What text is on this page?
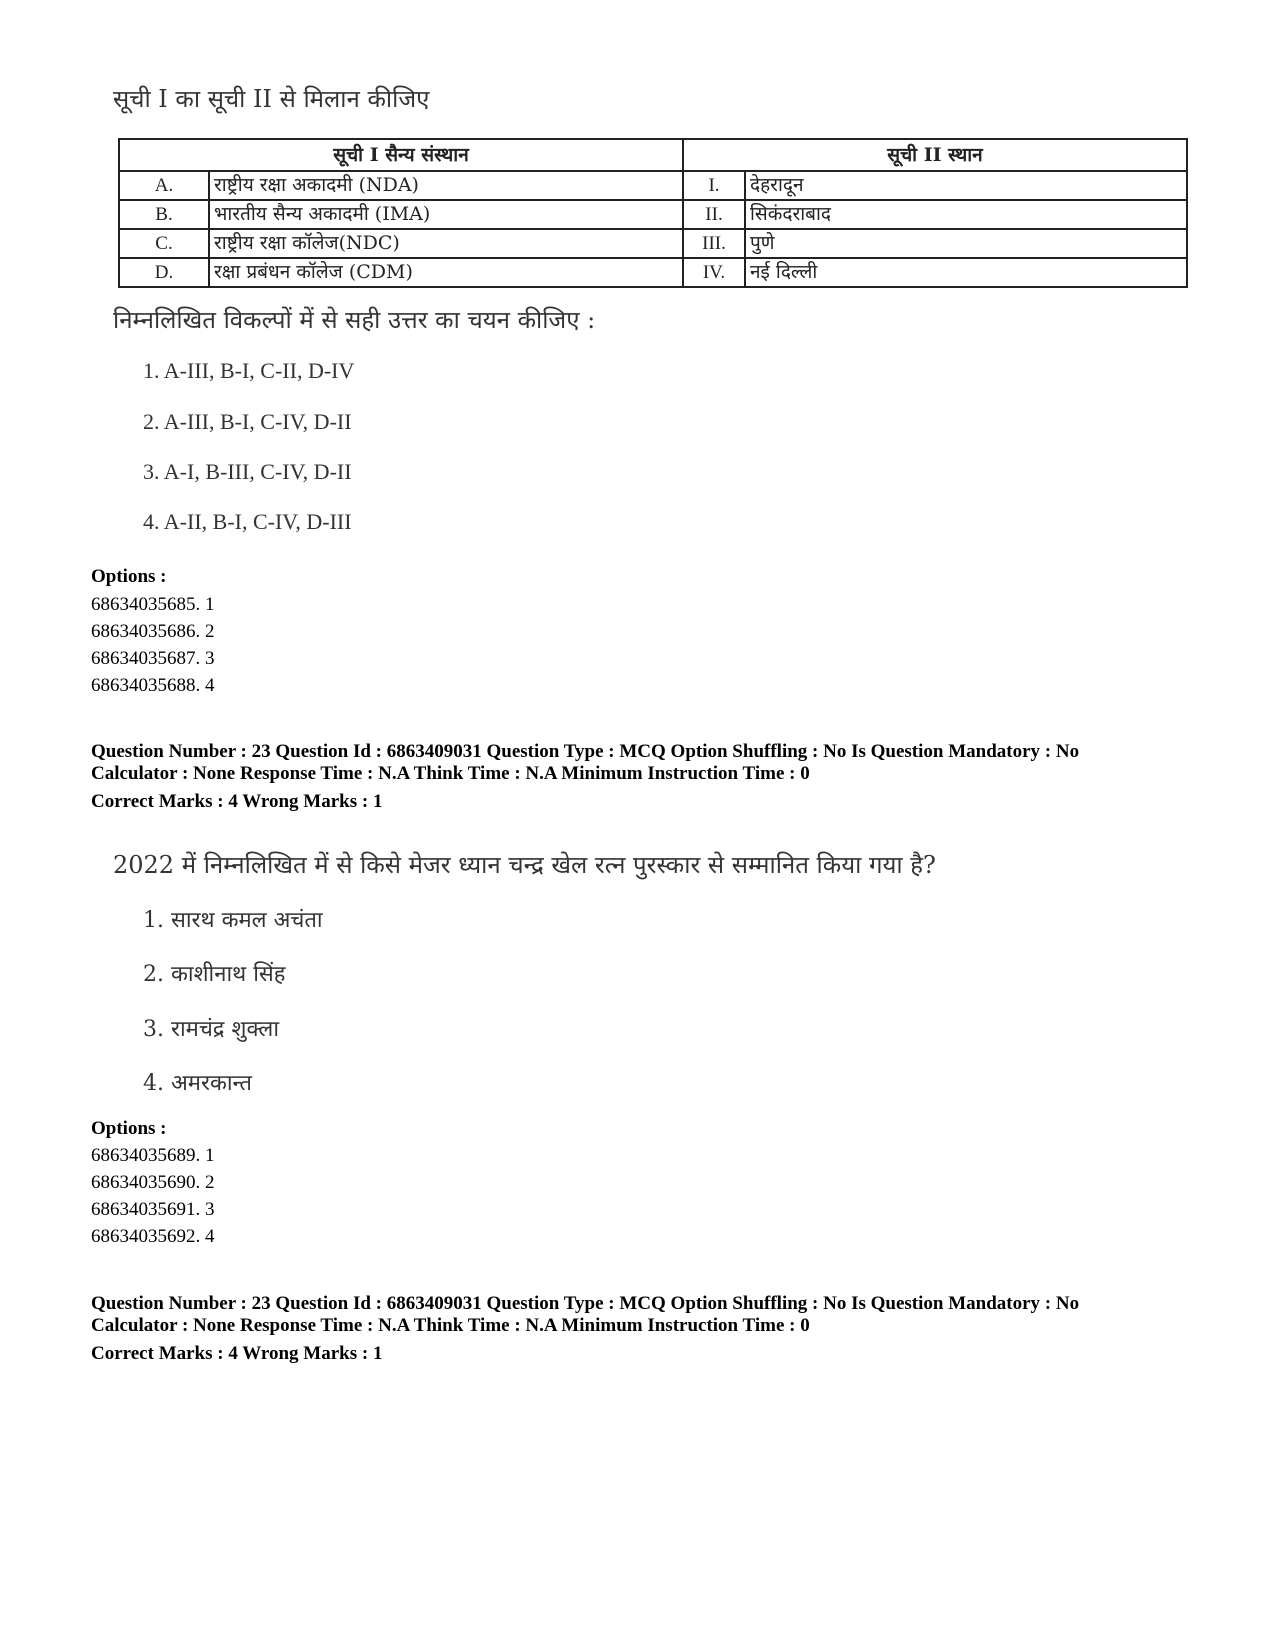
सूची I का सूची II से मिलान कीजिए
सूची I सैन्य संस्थान	सूची II स्थान

A. राष्ट्रीय रक्षा अकादमी (NDA)	I. देहरादून

B. भारतीय सैन्य अकादमी (IMA)	II. सिकंदराबाद

C. राष्ट्रीय रक्षा कॉलेज(NDC)	III. पुणे

D. रक्षा प्रबंधन कॉलेज (CDM)	IV. नई दिल्ली
निम्नलिखित विकल्पों में से सही उत्तर का चयन कीजिए :
1. A-III, B-I, C-II, D-IV
2. A-III, B-I, C-IV, D-II
3. A-I, B-III, C-IV, D-II
4. A-II, B-I, C-IV, D-III
Options :
68634035685. 1
68634035686. 2
68634035687. 3
68634035688. 4
Question Number : 23 Question Id : 6863409031 Question Type : MCQ Option Shuffling : No Is Question Mandatory : No
Calculator : None Response Time : N.A Think Time : N.A Minimum Instruction Time : 0
Correct Marks : 4 Wrong Marks : 1
2022 में निम्नलिखित में से किसे मेजर ध्यान चन्द्र खेल रत्न पुरस्कार से सम्मानित किया गया है?
1. सारथ कमल अचंता
2. काशीनाथ सिंह
3. रामचंद्र शुक्ला
4. अमरकान्त
Options :
68634035689. 1
68634035690. 2
68634035691. 3
68634035692. 4
Question Number : 23 Question Id : 6863409031 Question Type : MCQ Option Shuffling : No Is Question Mandatory : No
Calculator : None Response Time : N.A Think Time : N.A Minimum Instruction Time : 0
Correct Marks : 4 Wrong Marks : 1
